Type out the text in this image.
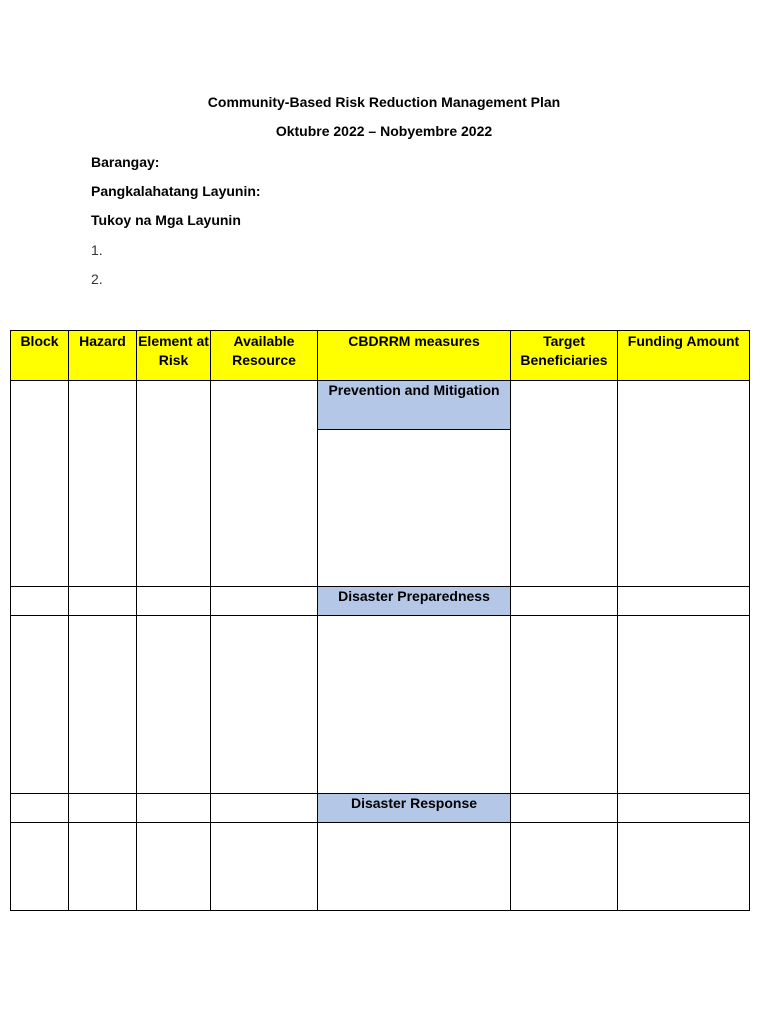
Community-Based Risk Reduction Management Plan
Oktubre 2022 – Nobyembre 2022
Barangay:
Pangkalahatang Layunin:
Tukoy na Mga Layunin
1.
2.
Block	Hazard	Element at Risk	Available Resource	CBDRRM measures	Target Beneficiaries	Funding Amount
				Prevention and Mitigation		

				Disaster Preparedness		

				Disaster Response		
